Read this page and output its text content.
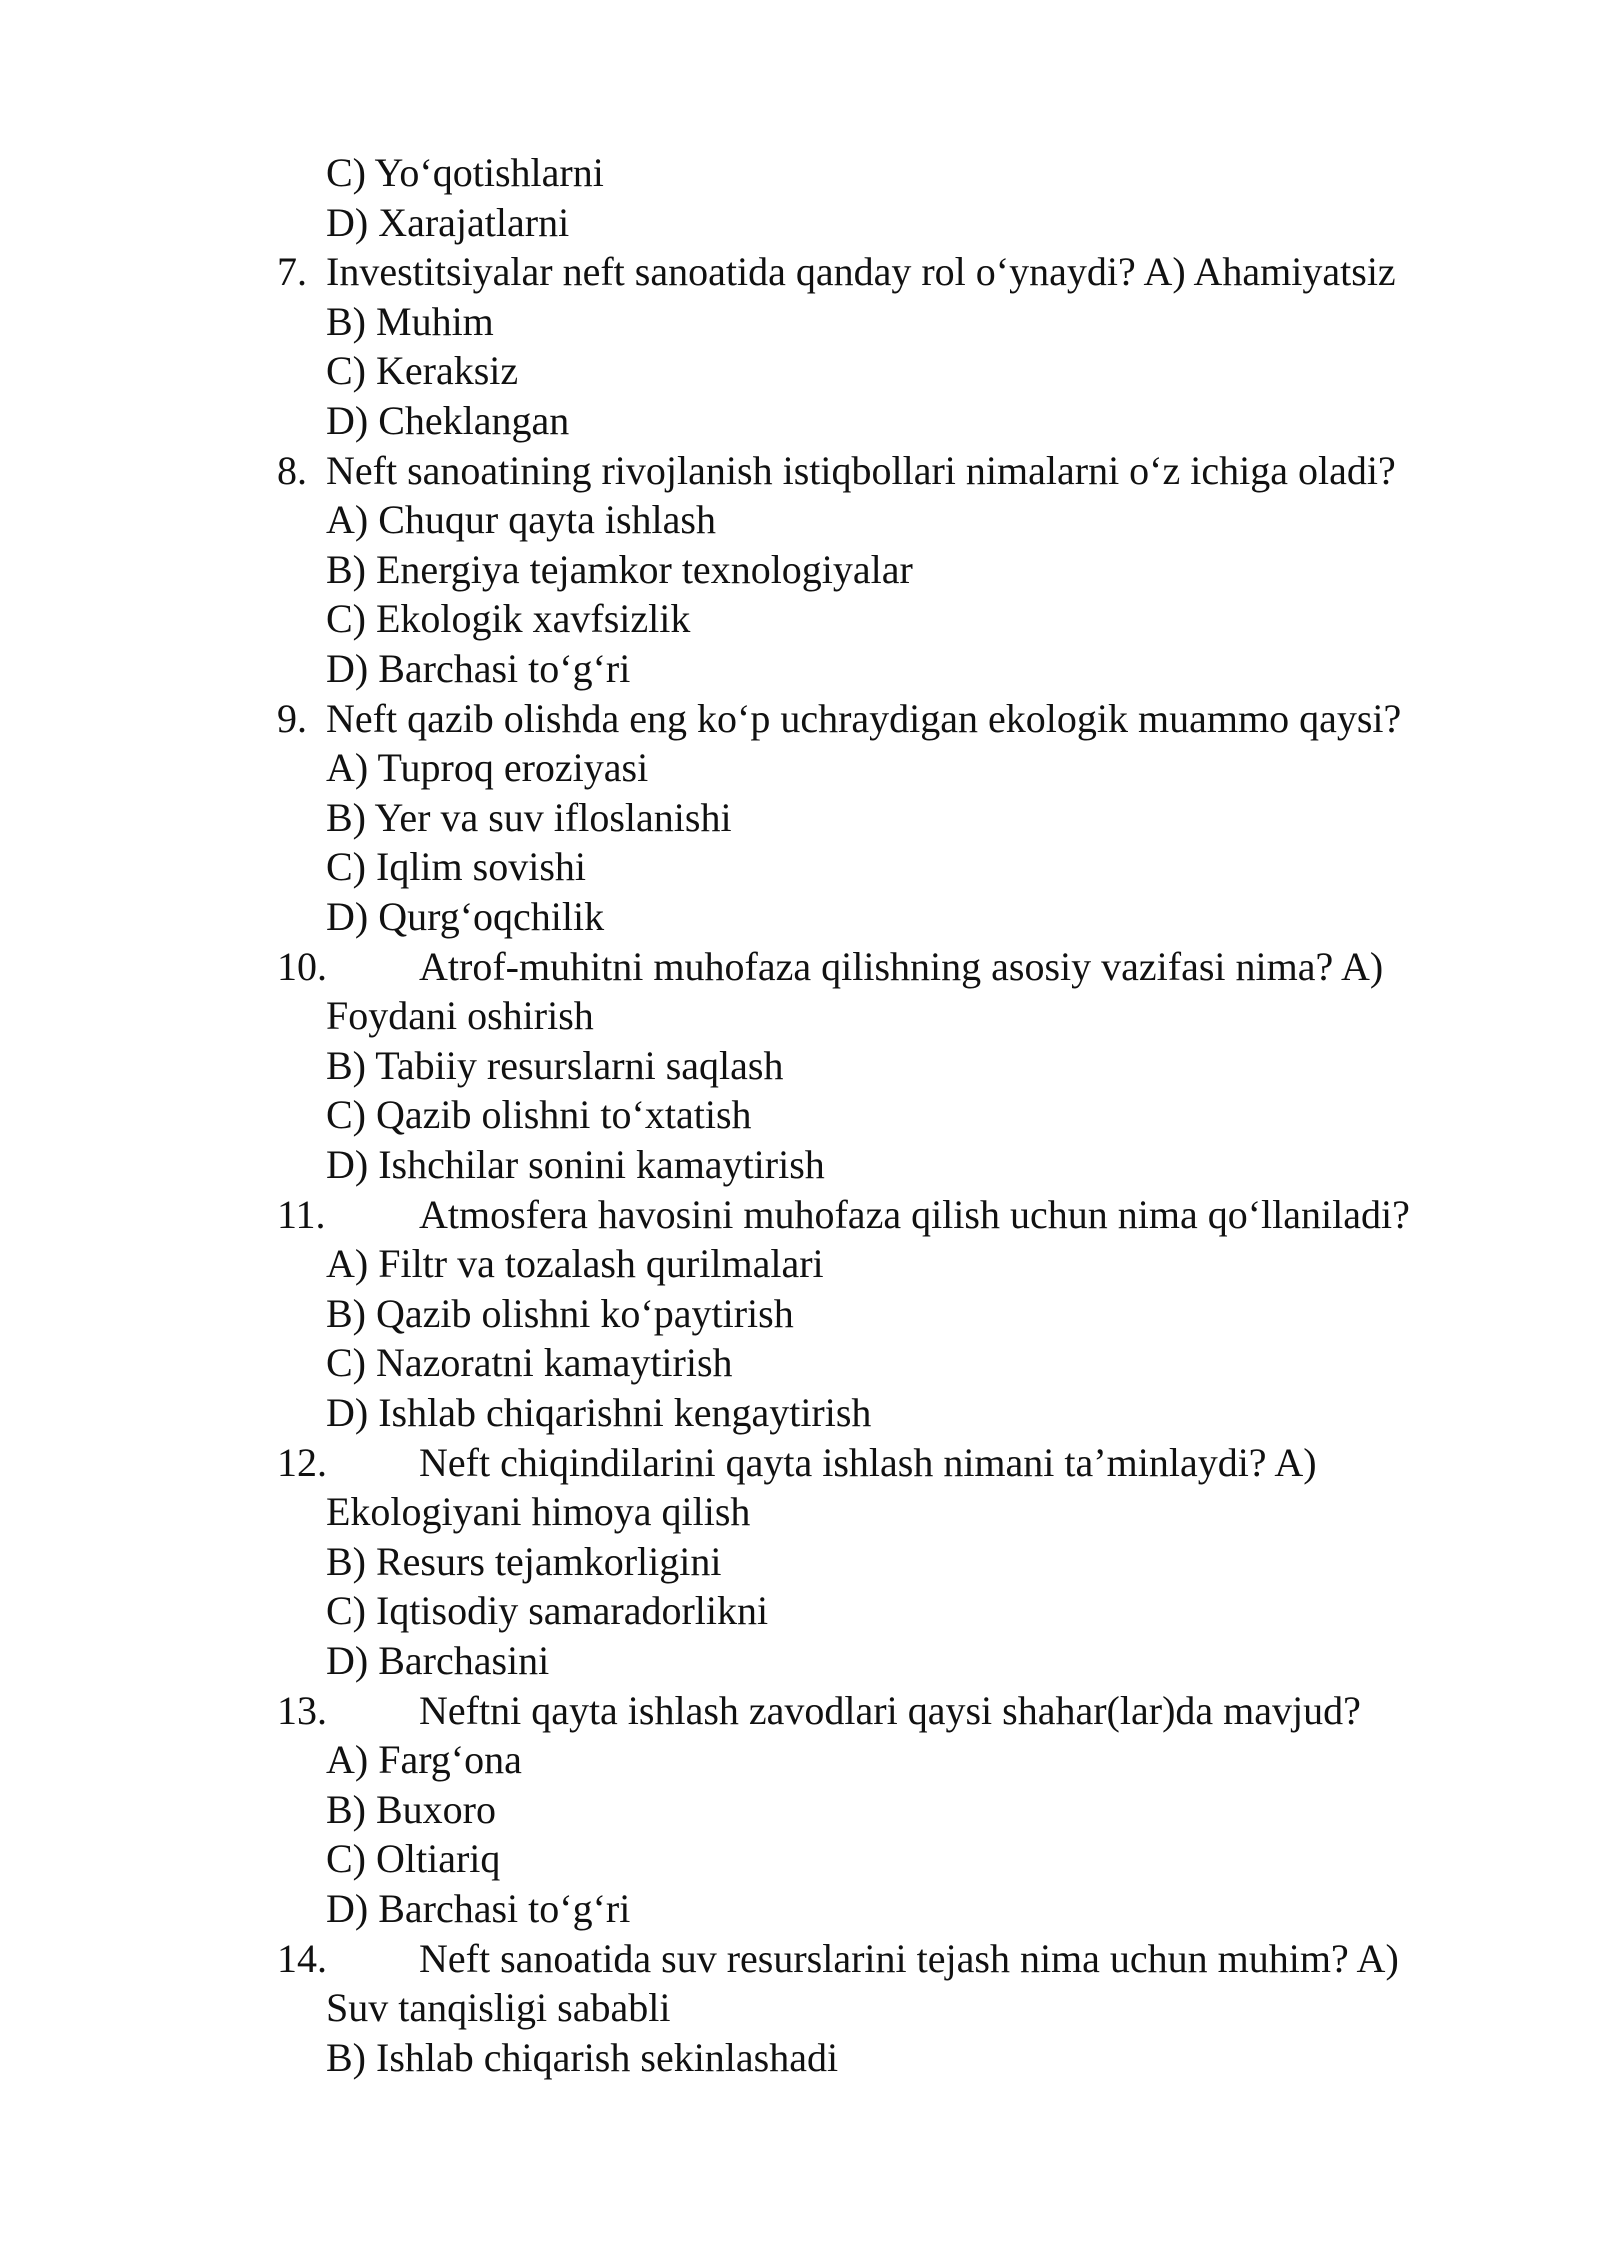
C) Yo‘qotishlarni
D) Xarajatlarni
7. Investitsiyalar neft sanoatida qanday rol o‘ynaydi? A) Ahamiyatsiz
B) Muhim
C) Keraksiz
D) Cheklangan
8. Neft sanoatining rivojlanish istiqbollari nimalarni o‘z ichiga oladi?
A) Chuqur qayta ishlash
B) Energiya tejamkor texnologiyalar
C) Ekologik xavfsizlik
D) Barchasi to‘g‘ri
9. Neft qazib olishda eng ko‘p uchraydigan ekologik muammo qaysi?
A) Tuproq eroziyasi
B) Yer va suv ifloslanishi
C) Iqlim sovishi
D) Qurg‘oqchilik
10. Atrof-muhitni muhofaza qilishning asosiy vazifasi nima? A)
Foydani oshirish
B) Tabiiy resurslarni saqlash
C) Qazib olishni to‘xtatish
D) Ishchilar sonini kamaytirish
11. Atmosfera havosini muhofaza qilish uchun nima qo‘llaniladi?
A) Filtr va tozalash qurilmalari
B) Qazib olishni ko‘paytirish
C) Nazoratni kamaytirish
D) Ishlab chiqarishni kengaytirish
12. Neft chiqindilarini qayta ishlash nimani ta’minlaydi? A)
Ekologiyani himoya qilish
B) Resurs tejamkorligini
C) Iqtisodiy samaradorlikni
D) Barchasini
13. Neftni qayta ishlash zavodlari qaysi shahar(lar)da mavjud?
A) Farg‘ona
B) Buxoro
C) Oltiariq
D) Barchasi to‘g‘ri
14. Neft sanoatida suv resurslarini tejash nima uchun muhim? A)
Suv tanqisligi sababli
B) Ishlab chiqarish sekinlashadi
